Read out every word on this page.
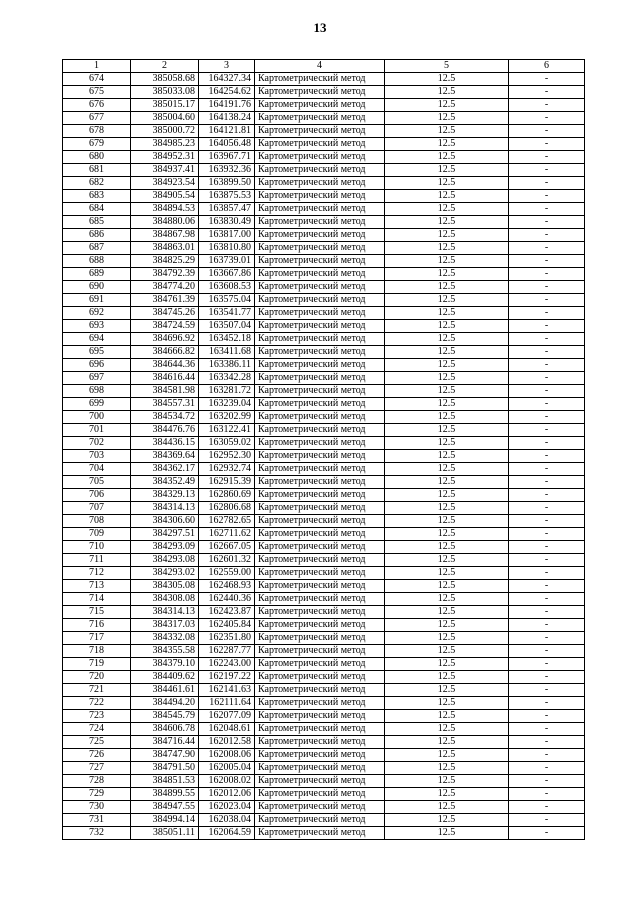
13
1	2	3	4	5	6
674	385058.68	164327.34	Картометрический метод	12.5	-
675	385033.08	164254.62	Картометрический метод	12.5	-
676	385015.17	164191.76	Картометрический метод	12.5	-
677	385004.60	164138.24	Картометрический метод	12.5	-
678	385000.72	164121.81	Картометрический метод	12.5	-
679	384985.23	164056.48	Картометрический метод	12.5	-
680	384952.31	163967.71	Картометрический метод	12.5	-
681	384937.41	163932.36	Картометрический метод	12.5	-
682	384923.54	163899.50	Картометрический метод	12.5	-
683	384905.54	163875.53	Картометрический метод	12.5	-
684	384894.53	163857.47	Картометрический метод	12.5	-
685	384880.06	163830.49	Картометрический метод	12.5	-
686	384867.98	163817.00	Картометрический метод	12.5	-
687	384863.01	163810.80	Картометрический метод	12.5	-
688	384825.29	163739.01	Картометрический метод	12.5	-
689	384792.39	163667.86	Картометрический метод	12.5	-
690	384774.20	163608.53	Картометрический метод	12.5	-
691	384761.39	163575.04	Картометрический метод	12.5	-
692	384745.26	163541.77	Картометрический метод	12.5	-
693	384724.59	163507.04	Картометрический метод	12.5	-
694	384696.92	163452.18	Картометрический метод	12.5	-
695	384666.82	163411.68	Картометрический метод	12.5	-
696	384644.36	163386.11	Картометрический метод	12.5	-
697	384616.44	163342.28	Картометрический метод	12.5	-
698	384581.98	163281.72	Картометрический метод	12.5	-
699	384557.31	163239.04	Картометрический метод	12.5	-
700	384534.72	163202.99	Картометрический метод	12.5	-
701	384476.76	163122.41	Картометрический метод	12.5	-
702	384436.15	163059.02	Картометрический метод	12.5	-
703	384369.64	162952.30	Картометрический метод	12.5	-
704	384362.17	162932.74	Картометрический метод	12.5	-
705	384352.49	162915.39	Картометрический метод	12.5	-
706	384329.13	162860.69	Картометрический метод	12.5	-
707	384314.13	162806.68	Картометрический метод	12.5	-
708	384306.60	162782.65	Картометрический метод	12.5	-
709	384297.51	162711.62	Картометрический метод	12.5	-
710	384293.09	162667.05	Картометрический метод	12.5	-
711	384293.08	162601.32	Картометрический метод	12.5	-
712	384293.02	162559.00	Картометрический метод	12.5	-
713	384305.08	162468.93	Картометрический метод	12.5	-
714	384308.08	162440.36	Картометрический метод	12.5	-
715	384314.13	162423.87	Картометрический метод	12.5	-
716	384317.03	162405.84	Картометрический метод	12.5	-
717	384332.08	162351.80	Картометрический метод	12.5	-
718	384355.58	162287.77	Картометрический метод	12.5	-
719	384379.10	162243.00	Картометрический метод	12.5	-
720	384409.62	162197.22	Картометрический метод	12.5	-
721	384461.61	162141.63	Картометрический метод	12.5	-
722	384494.20	162111.64	Картометрический метод	12.5	-
723	384545.79	162077.09	Картометрический метод	12.5	-
724	384606.78	162048.61	Картометрический метод	12.5	-
725	384716.44	162012.58	Картометрический метод	12.5	-
726	384747.90	162008.06	Картометрический метод	12.5	-
727	384791.50	162005.04	Картометрический метод	12.5	-
728	384851.53	162008.02	Картометрический метод	12.5	-
729	384899.55	162012.06	Картометрический метод	12.5	-
730	384947.55	162023.04	Картометрический метод	12.5	-
731	384994.14	162038.04	Картометрический метод	12.5	-
732	385051.11	162064.59	Картометрический метод	12.5	-
